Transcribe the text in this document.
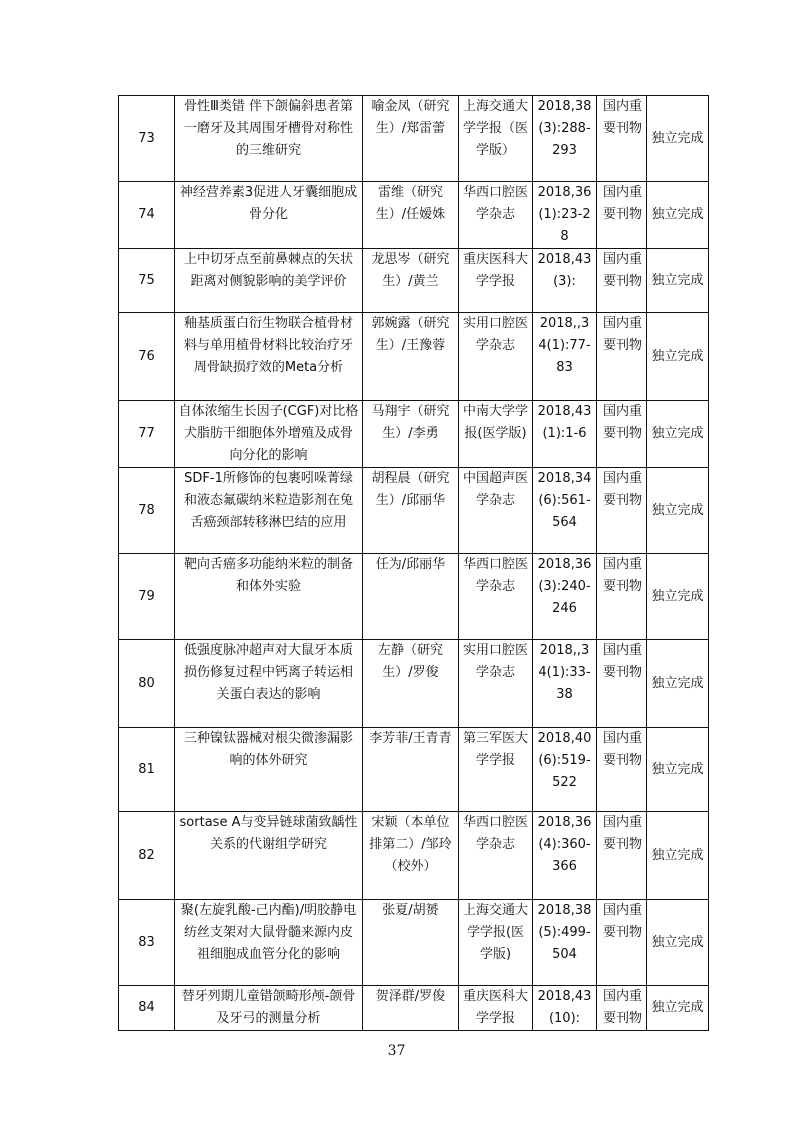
73	骨性Ⅲ类错 伴下颌偏斜患者第一磨牙及其周围牙槽骨对称性的三维研究	喻金凤（研究生）/郑雷蕾	上海交通大学学报（医学版）	2018,38(3):288-293	国内重要刊物	独立完成
74	神经营养素3促进人牙囊细胞成骨分化	雷维（研究生）/任嫒姝	华西口腔医学杂志	2018,36(1):23-28	国内重要刊物	独立完成
75	上中切牙点至前鼻棘点的矢状距离对侧貌影响的美学评价	龙思岑（研究生）/黄兰	重庆医科大学学报	2018,43(3):	国内重要刊物	独立完成
76	釉基质蛋白衍生物联合植骨材料与单用植骨材料比较治疗牙周骨缺损疗效的Meta分析	郭婉露（研究生）/王豫蓉	实用口腔医学杂志	2018,,34(1):77-83	国内重要刊物	独立完成
77	自体浓缩生长因子(CGF)对比格犬脂肪干细胞体外增殖及成骨向分化的影响	马翔宇（研究生）/李勇	中南大学学报(医学版)	2018,43(1):1-6	国内重要刊物	独立完成
78	SDF-1所修饰的包裹吲哚菁绿和液态氟碳纳米粒造影剂在兔舌癌颈部转移淋巴结的应用	胡程晨（研究生）/邱丽华	中国超声医学杂志	2018,34(6):561-564	国内重要刊物	独立完成
79	靶向舌癌多功能纳米粒的制备和体外实验	任为/邱丽华	华西口腔医学杂志	2018,36(3):240-246	国内重要刊物	独立完成
80	低强度脉冲超声对大鼠牙本质损伤修复过程中钙离子转运相关蛋白表达的影响	左静（研究生）/罗俊	实用口腔医学杂志	2018,,34(1):33-38	国内重要刊物	独立完成
81	三种镍钛器械对根尖微渗漏影响的体外研究	李芳菲/王青青	第三军医大学学报	2018,40(6):519-522	国内重要刊物	独立完成
82	sortase A与变异链球菌致龋性关系的代谢组学研究	宋颖（本单位排第二）/邹玲（校外）	华西口腔医学杂志	2018,36(4):360-366	国内重要刊物	独立完成
83	聚(左旋乳酸-己内酯)/明胶静电纺丝支架对大鼠骨髓来源内皮祖细胞成血管分化的影响	张夏/胡赟	上海交通大学学报(医学版)	2018,38(5):499-504	国内重要刊物	独立完成
84	替牙列期儿童错颌畸形颅-颌骨及牙弓的测量分析	贺泽群/罗俊	重庆医科大学学报	2018,43(10):	国内重要刊物	独立完成
37
